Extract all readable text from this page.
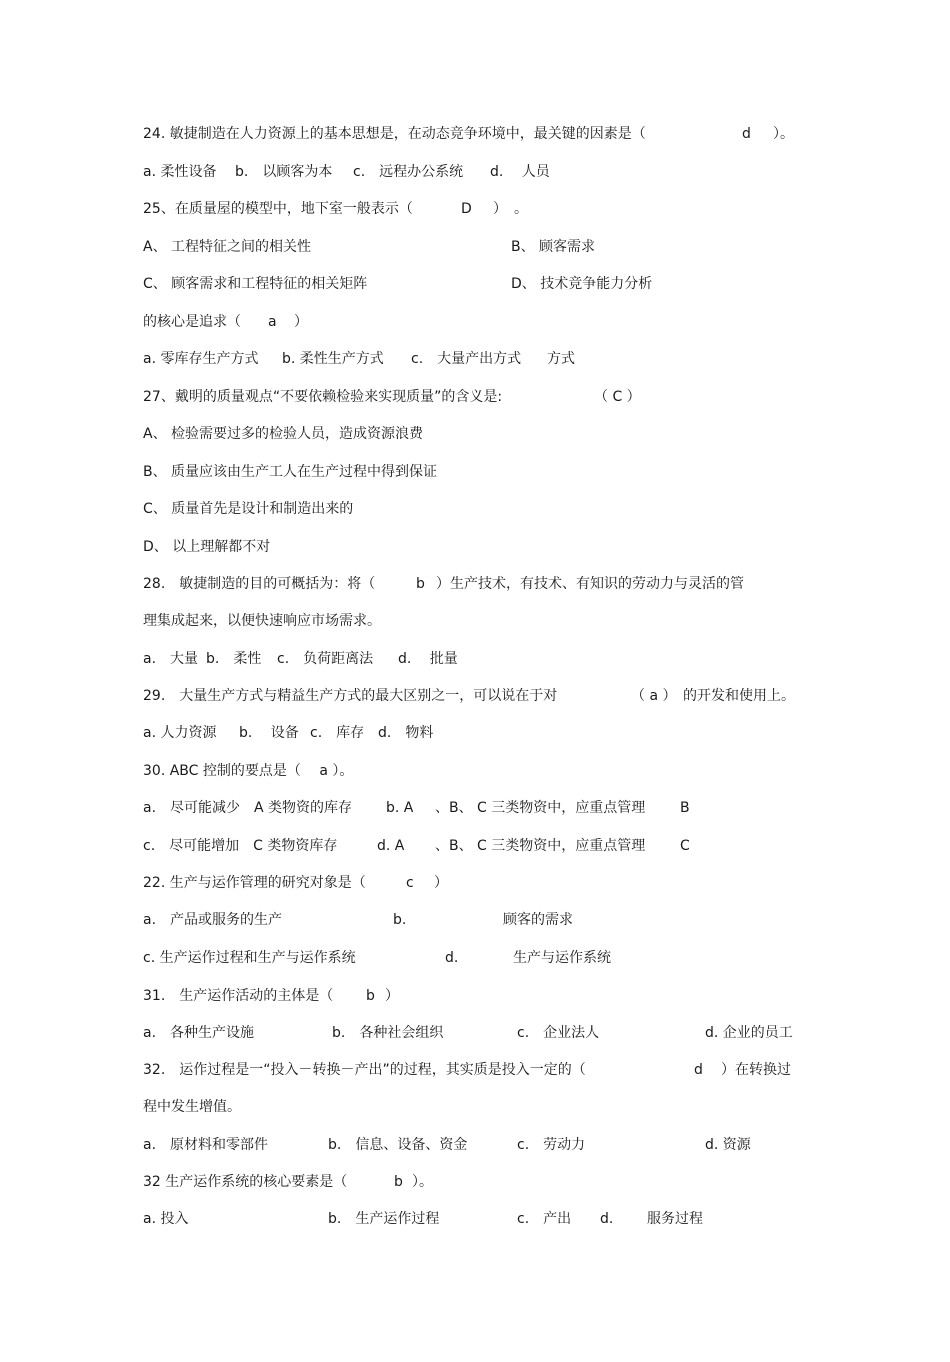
24. 敏捷制造在人力资源上的基本思想是，在动态竞争环境中，最关键的因素是（

	d

）。

a. 柔性设备

b.　以顾客为本

c.　远程办公系统

d.　 人员

25、在质量屋的模型中，地下室一般表示（

	D

）　。

A、 工程特征之间的相关性

	B、 顾客需求

C、 顾客需求和工程特征的相关矩阵

	D、 技术竞争能力分析

的核心是追求（

a

）

a. 零库存生产方式

b. 柔性生产方式

c.　大量产出方式

方式

27、戴明的质量观点“不要依赖检验来实现质量”的含义是:

	（ C ）

A、 检验需要过多的检验人员，造成资源浪费

B、 质量应该由生产工人在生产过程中得到保证

C、 质量首先是设计和制造出来的

D、 以上理解都不对

28.　敏捷制造的目的可概括为：将（

	b

）生产技术，有技术、有知识的劳动力与灵活的管

理集成起来，以便快速响应市场需求。

a.　大量

b.　柔性

c.　负荷距离法

d.　 批量

29.　大量生产方式与精益生产方式的最大区别之一，可以说在于对

	（ a ）

的开发和使用上。

a. 人力资源

b.　 设备

c.　库存

d.　物料

30. ABC 控制的要点是（　 a ）。

a.　尽可能减少　A 类物资的库存

b. A

、B、 C 三类物资中，应重点管理

B

c.　尽可能增加　C 类物资库存

	d. A

、B、 C 三类物资中，应重点管理

C

22. 生产与运作管理的研究对象是（

	c

）

a.　产品或服务的生产

	b.

	顾客的需求

c. 生产运作过程和生产与运作系统

	d.

	生产与运作系统

31.　生产运作活动的主体是（

b

）

a.　各种生产设施

	b.　各种社会组织

	c.　企业法人

	d. 企业的员工

32.　运作过程是一“投入－转换－产出”的过程，其实质是投入一定的（

	d

）在转换过

程中发生增值。

a.　原材料和零部件

	b.　信息、设备、资金

	c.　劳动力

	d. 资源

32 生产运作系统的核心要素是（

	b

）。

a. 投入

	b.　生产运作过程

	c.　产出

d.

服务过程
